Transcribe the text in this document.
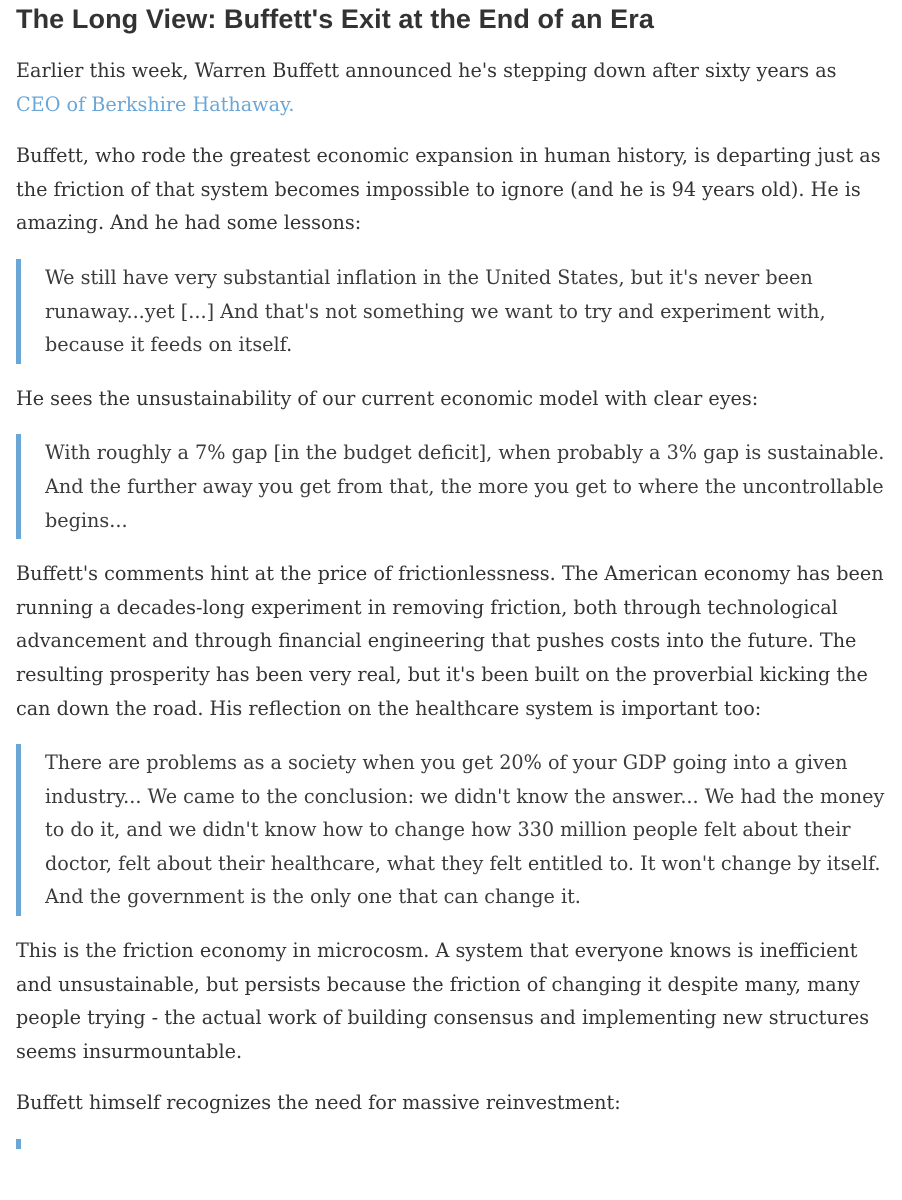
The Long View: Buffett's Exit at the End of an Era

Earlier this week, Warren Buffett announced he's stepping down after sixty years as CEO of Berkshire Hathaway.

Buffett, who rode the greatest economic expansion in human history, is departing just as the friction of that system becomes impossible to ignore (and he is 94 years old). He is amazing. And he had some lessons:

We still have very substantial inflation in the United States, but it's never been runaway...yet [...] And that's not something we want to try and experiment with, because it feeds on itself.

He sees the unsustainability of our current economic model with clear eyes:

With roughly a 7% gap [in the budget deficit], when probably a 3% gap is sustainable. And the further away you get from that, the more you get to where the uncontrollable begins...

Buffett's comments hint at the price of frictionlessness. The American economy has been running a decades-long experiment in removing friction, both through technological advancement and through financial engineering that pushes costs into the future. The resulting prosperity has been very real, but it's been built on the proverbial kicking the can down the road. His reflection on the healthcare system is important too:

There are problems as a society when you get 20% of your GDP going into a given industry... We came to the conclusion: we didn't know the answer... We had the money to do it, and we didn't know how to change how 330 million people felt about their doctor, felt about their healthcare, what they felt entitled to. It won't change by itself. And the government is the only one that can change it.

This is the friction economy in microcosm. A system that everyone knows is inefficient and unsustainable, but persists because the friction of changing it despite many, many people trying - the actual work of building consensus and implementing new structures seems insurmountable.

Buffett himself recognizes the need for massive reinvestment:
